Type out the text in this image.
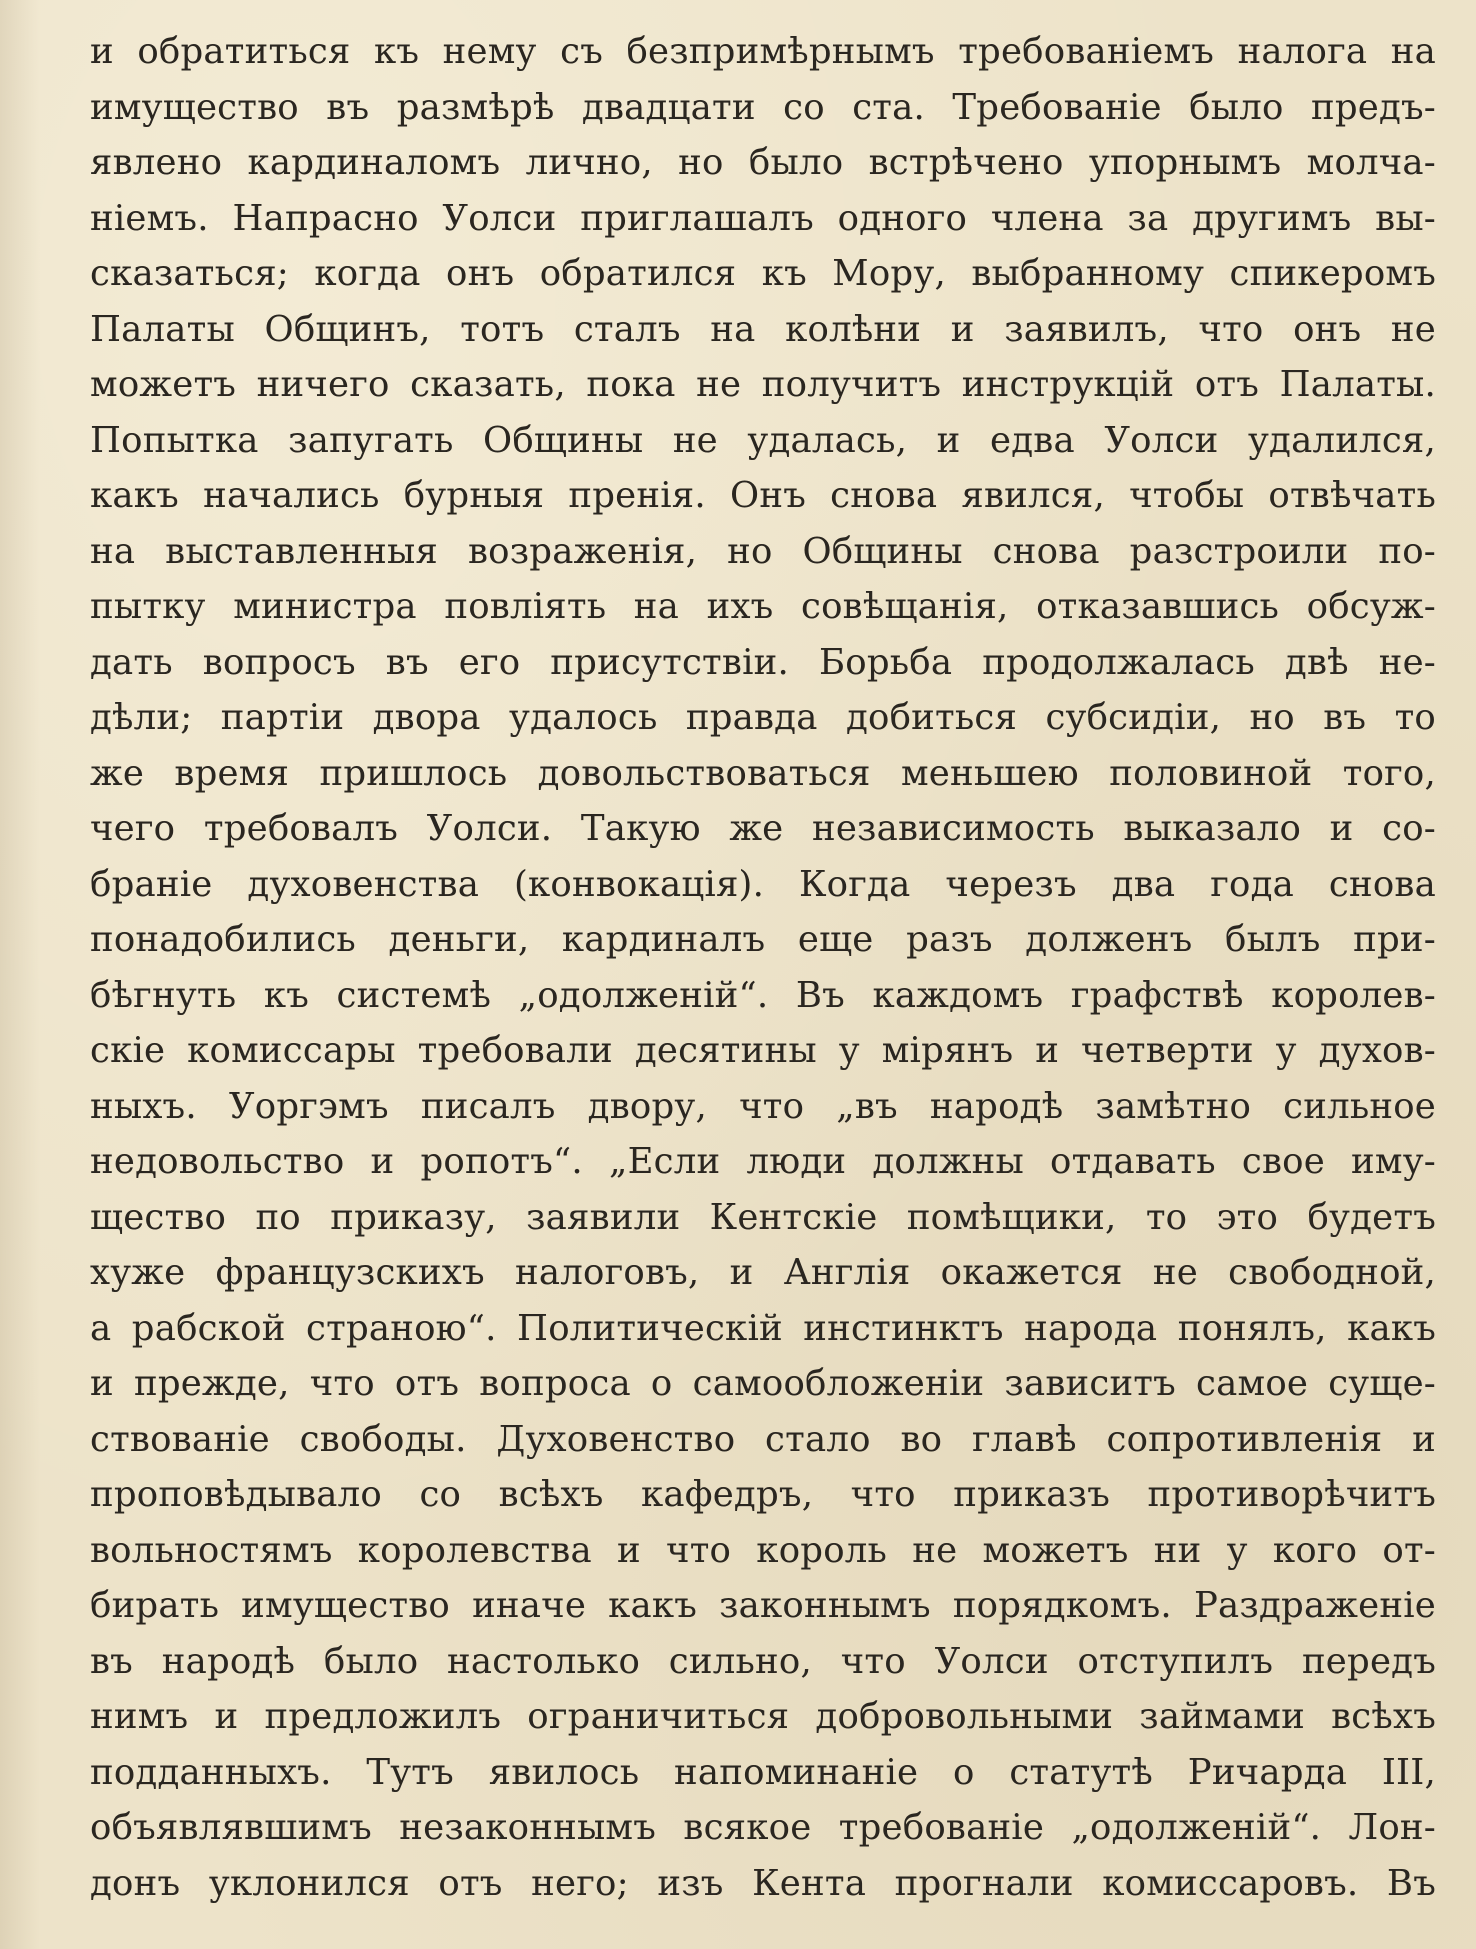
и обратиться къ нему съ безпримѣрнымъ требованіемъ налога на
имущество въ размѣрѣ двадцати со ста. Требованіе было предъ-
явлено кардиналомъ лично, но было встрѣчено упорнымъ молча-
ніемъ. Напрасно Уолси приглашалъ одного члена за другимъ вы-
сказаться; когда онъ обратился къ Мору, выбранному спикеромъ
Палаты Общинъ, тотъ сталъ на колѣни и заявилъ, что онъ не
можетъ ничего сказать, пока не получитъ инструкцій отъ Палаты.
Попытка запугать Общины не удалась, и едва Уолси удалился,
какъ начались бурныя пренія. Онъ снова явился, чтобы отвѣчать
на выставленныя возраженія, но Общины снова разстроили по-
пытку министра повліять на ихъ совѣщанія, отказавшись обсуж-
дать вопросъ въ его присутствіи. Борьба продолжалась двѣ не-
дѣли; партіи двора удалось правда добиться субсидіи, но въ то
же время пришлось довольствоваться меньшею половиной того,
чего требовалъ Уолси. Такую же независимость выказало и со-
браніе духовенства (конвокація). Когда черезъ два года снова
понадобились деньги, кардиналъ еще разъ долженъ былъ при-
бѣгнуть къ системѣ „одолженій“. Въ каждомъ графствѣ королев-
скіе комиссары требовали десятины у мірянъ и четверти у духов-
ныхъ. Уоргэмъ писалъ двору, что „въ народѣ замѣтно сильное
недовольство и ропотъ“. „Если люди должны отдавать свое иму-
щество по приказу, заявили Кентскіе помѣщики, то это будетъ
хуже французскихъ налоговъ, и Англія окажется не свободной,
а рабской страною“. Политическій инстинктъ народа понялъ, какъ
и прежде, что отъ вопроса о самообложеніи зависитъ самое суще-
ствованіе свободы. Духовенство стало во главѣ сопротивленія и
проповѣдывало со всѣхъ кафедръ, что приказъ противорѣчитъ
вольностямъ королевства и что король не можетъ ни у кого от-
бирать имущество иначе какъ законнымъ порядкомъ. Раздраженіе
въ народѣ было настолько сильно, что Уолси отступилъ передъ
нимъ и предложилъ ограничиться добровольными займами всѣхъ
подданныхъ. Тутъ явилось напоминаніе о статутѣ Ричарда III,
объявлявшимъ незаконнымъ всякое требованіе „одолженій“. Лон-
донъ уклонился отъ него; изъ Кента прогнали комиссаровъ. Въ
